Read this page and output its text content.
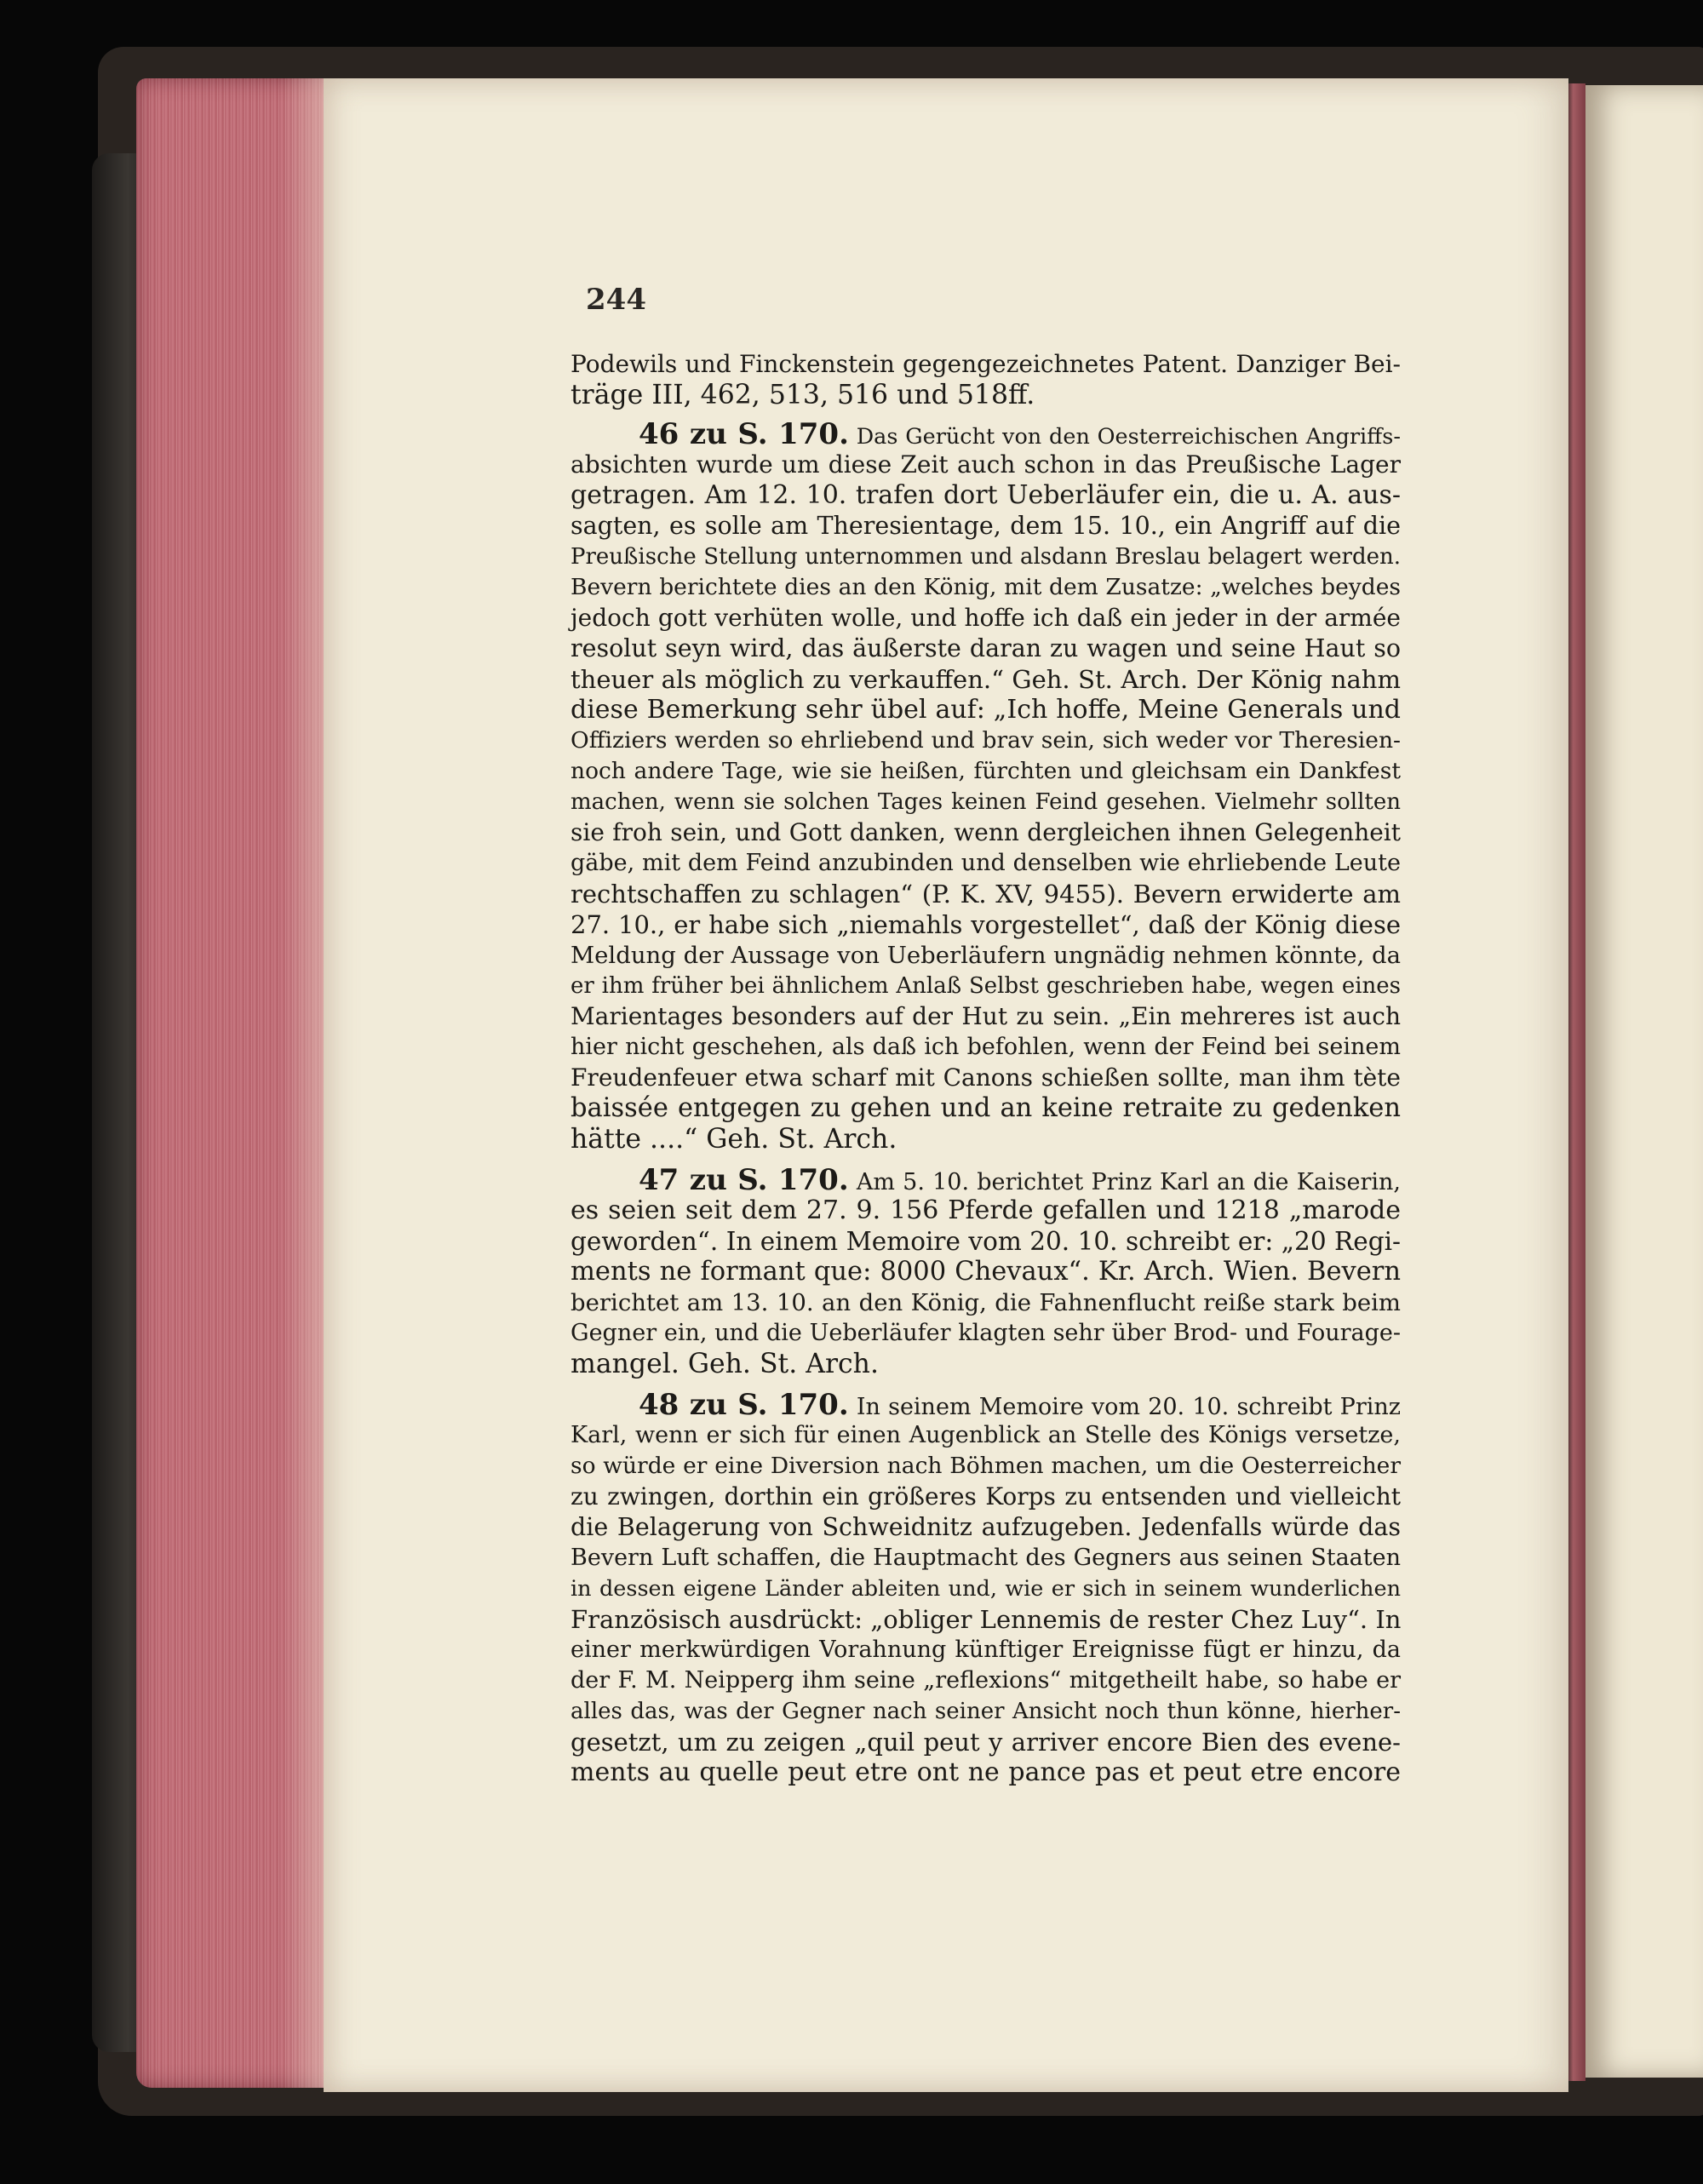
244

Podewils und Finckenstein gegengezeichnetes Patent. Danziger Bei-
träge III, 462, 513, 516 und 518ff.
46 zu S. 170. Das Gerücht von den Oesterreichischen Angriffs-
absichten wurde um diese Zeit auch schon in das Preußische Lager
getragen. Am 12. 10. trafen dort Ueberläufer ein, die u. A. aus-
sagten, es solle am Theresientage, dem 15. 10., ein Angriff auf die
Preußische Stellung unternommen und alsdann Breslau belagert werden.
Bevern berichtete dies an den König, mit dem Zusatze: „welches beydes
jedoch gott verhüten wolle, und hoffe ich daß ein jeder in der armée
resolut seyn wird, das äußerste daran zu wagen und seine Haut so
theuer als möglich zu verkauffen.“ Geh. St. Arch. Der König nahm
diese Bemerkung sehr übel auf: „Ich hoffe, Meine Generals und
Offiziers werden so ehrliebend und brav sein, sich weder vor Theresien-
noch andere Tage, wie sie heißen, fürchten und gleichsam ein Dankfest
machen, wenn sie solchen Tages keinen Feind gesehen. Vielmehr sollten
sie froh sein, und Gott danken, wenn dergleichen ihnen Gelegenheit
gäbe, mit dem Feind anzubinden und denselben wie ehrliebende Leute
rechtschaffen zu schlagen“ (P. K. XV, 9455). Bevern erwiderte am
27. 10., er habe sich „niemahls vorgestellet“, daß der König diese
Meldung der Aussage von Ueberläufern ungnädig nehmen könnte, da
er ihm früher bei ähnlichem Anlaß Selbst geschrieben habe, wegen eines
Marientages besonders auf der Hut zu sein. „Ein mehreres ist auch
hier nicht geschehen, als daß ich befohlen, wenn der Feind bei seinem
Freudenfeuer etwa scharf mit Canons schießen sollte, man ihm tète
baissée entgegen zu gehen und an keine retraite zu gedenken
hätte ....“ Geh. St. Arch.
47 zu S. 170. Am 5. 10. berichtet Prinz Karl an die Kaiserin,
es seien seit dem 27. 9. 156 Pferde gefallen und 1218 „marode
geworden“. In einem Memoire vom 20. 10. schreibt er: „20 Regi-
ments ne formant que: 8000 Chevaux“. Kr. Arch. Wien. Bevern
berichtet am 13. 10. an den König, die Fahnenflucht reiße stark beim
Gegner ein, und die Ueberläufer klagten sehr über Brod- und Fourage-
mangel. Geh. St. Arch.
48 zu S. 170. In seinem Memoire vom 20. 10. schreibt Prinz
Karl, wenn er sich für einen Augenblick an Stelle des Königs versetze,
so würde er eine Diversion nach Böhmen machen, um die Oesterreicher
zu zwingen, dorthin ein größeres Korps zu entsenden und vielleicht
die Belagerung von Schweidnitz aufzugeben. Jedenfalls würde das
Bevern Luft schaffen, die Hauptmacht des Gegners aus seinen Staaten
in dessen eigene Länder ableiten und, wie er sich in seinem wunderlichen
Französisch ausdrückt: „obliger Lennemis de rester Chez Luy“. In
einer merkwürdigen Vorahnung künftiger Ereignisse fügt er hinzu, da
der F. M. Neipperg ihm seine „reflexions“ mitgetheilt habe, so habe er
alles das, was der Gegner nach seiner Ansicht noch thun könne, hierher-
gesetzt, um zu zeigen „quil peut y arriver encore Bien des evene-
ments au quelle peut etre ont ne pance pas et peut etre encore
